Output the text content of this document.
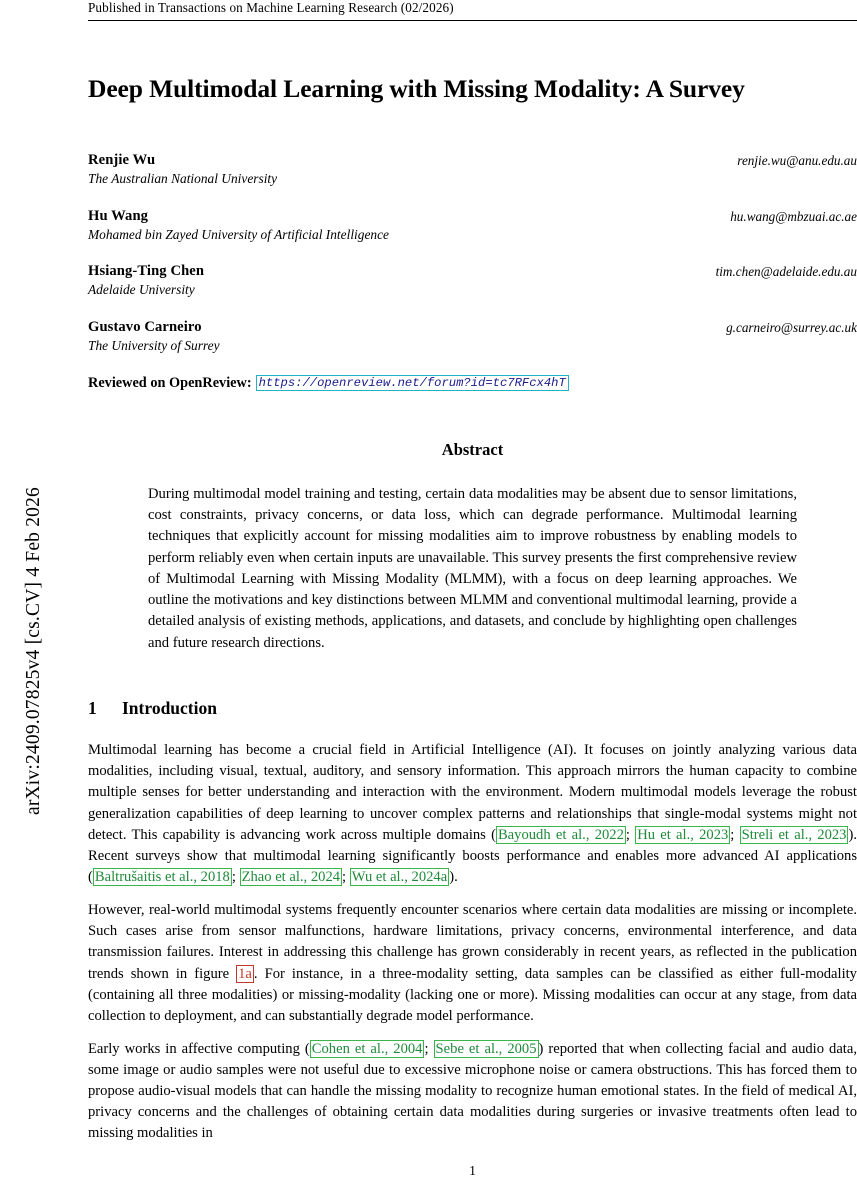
arXiv:2409.07825v4 [cs.CV] 4 Feb 2026
Published in Transactions on Machine Learning Research (02/2026)
Deep Multimodal Learning with Missing Modality: A Survey
Renjie Wu
The Australian National University
renjie.wu@anu.edu.au
Hu Wang
Mohamed bin Zayed University of Artificial Intelligence
hu.wang@mbzuai.ac.ae
Hsiang-Ting Chen
Adelaide University
tim.chen@adelaide.edu.au
Gustavo Carneiro
The University of Surrey
g.carneiro@surrey.ac.uk
Reviewed on OpenReview: https://openreview.net/forum?id=tc7RFcx4hT
Abstract
During multimodal model training and testing, certain data modalities may be absent due to sensor limitations, cost constraints, privacy concerns, or data loss, which can degrade performance. Multimodal learning techniques that explicitly account for missing modalities aim to improve robustness by enabling models to perform reliably even when certain inputs are unavailable. This survey presents the first comprehensive review of Multimodal Learning with Missing Modality (MLMM), with a focus on deep learning approaches. We outline the motivations and key distinctions between MLMM and conventional multimodal learning, provide a detailed analysis of existing methods, applications, and datasets, and conclude by highlighting open challenges and future research directions.
1 Introduction

Multimodal learning has become a crucial field in Artificial Intelligence (AI). It focuses on jointly analyzing various data modalities, including visual, textual, auditory, and sensory information. This approach mirrors the human capacity to combine multiple senses for better understanding and interaction with the environment. Modern multimodal models leverage the robust generalization capabilities of deep learning to uncover complex patterns and relationships that single-modal systems might not detect. This capability is advancing work across multiple domains ( Bayoudh et al., 2022 ; Hu et al., 2023 ; Streli et al., 2023 ). Recent surveys show that multimodal learning significantly boosts performance and enables more advanced AI applications ( Baltrušaitis et al., 2018 ; Zhao et al., 2024 ; Wu et al., 2024a ).

However, real-world multimodal systems frequently encounter scenarios where certain data modalities are missing or incomplete. Such cases arise from sensor malfunctions, hardware limitations, privacy concerns, environmental interference, and data transmission failures. Interest in addressing this challenge has grown considerably in recent years, as reflected in the publication trends shown in figure 1a . For instance, in a three-modality setting, data samples can be classified as either full-modality (containing all three modalities) or missing-modality (lacking one or more). Missing modalities can occur at any stage, from data collection to deployment, and can substantially degrade model performance.

Early works in affective computing ( Cohen et al., 2004 ; Sebe et al., 2005 ) reported that when collecting facial and audio data, some image or audio samples were not useful due to excessive microphone noise or camera obstructions. This has forced them to propose audio-visual models that can handle the missing modality to recognize human emotional states. In the field of medical AI, privacy concerns and the challenges of obtaining certain data modalities during surgeries or invasive treatments often lead to missing modalities in

1
